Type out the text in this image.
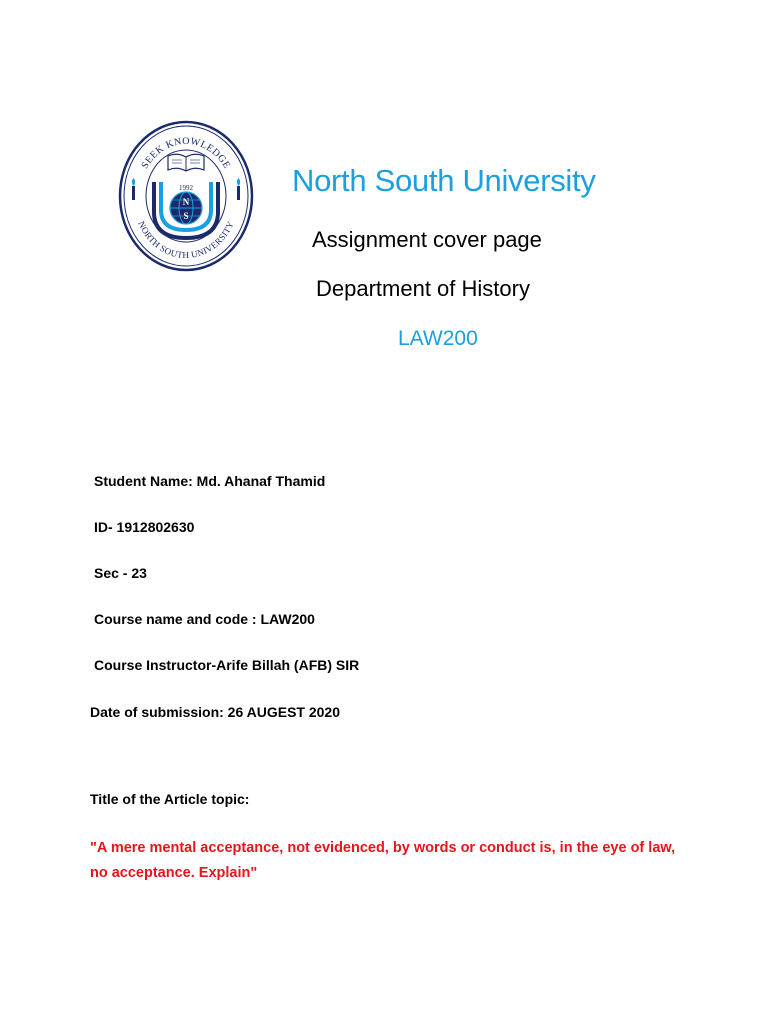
SEEK KNOWLEDGE
NORTH SOUTH UNIVERSITY
1992
N
S
North South University
Assignment cover page
Department of History
LAW200
Student Name: Md. Ahanaf Thamid
ID- 1912802630
Sec - 23
Course name and code : LAW200
Course Instructor-Arife Billah (AFB) SIR
Date of submission: 26 AUGEST 2020
Title of the Article topic:
"A mere mental acceptance, not evidenced, by words or conduct is, in the eye of law, no acceptance. Explain"
